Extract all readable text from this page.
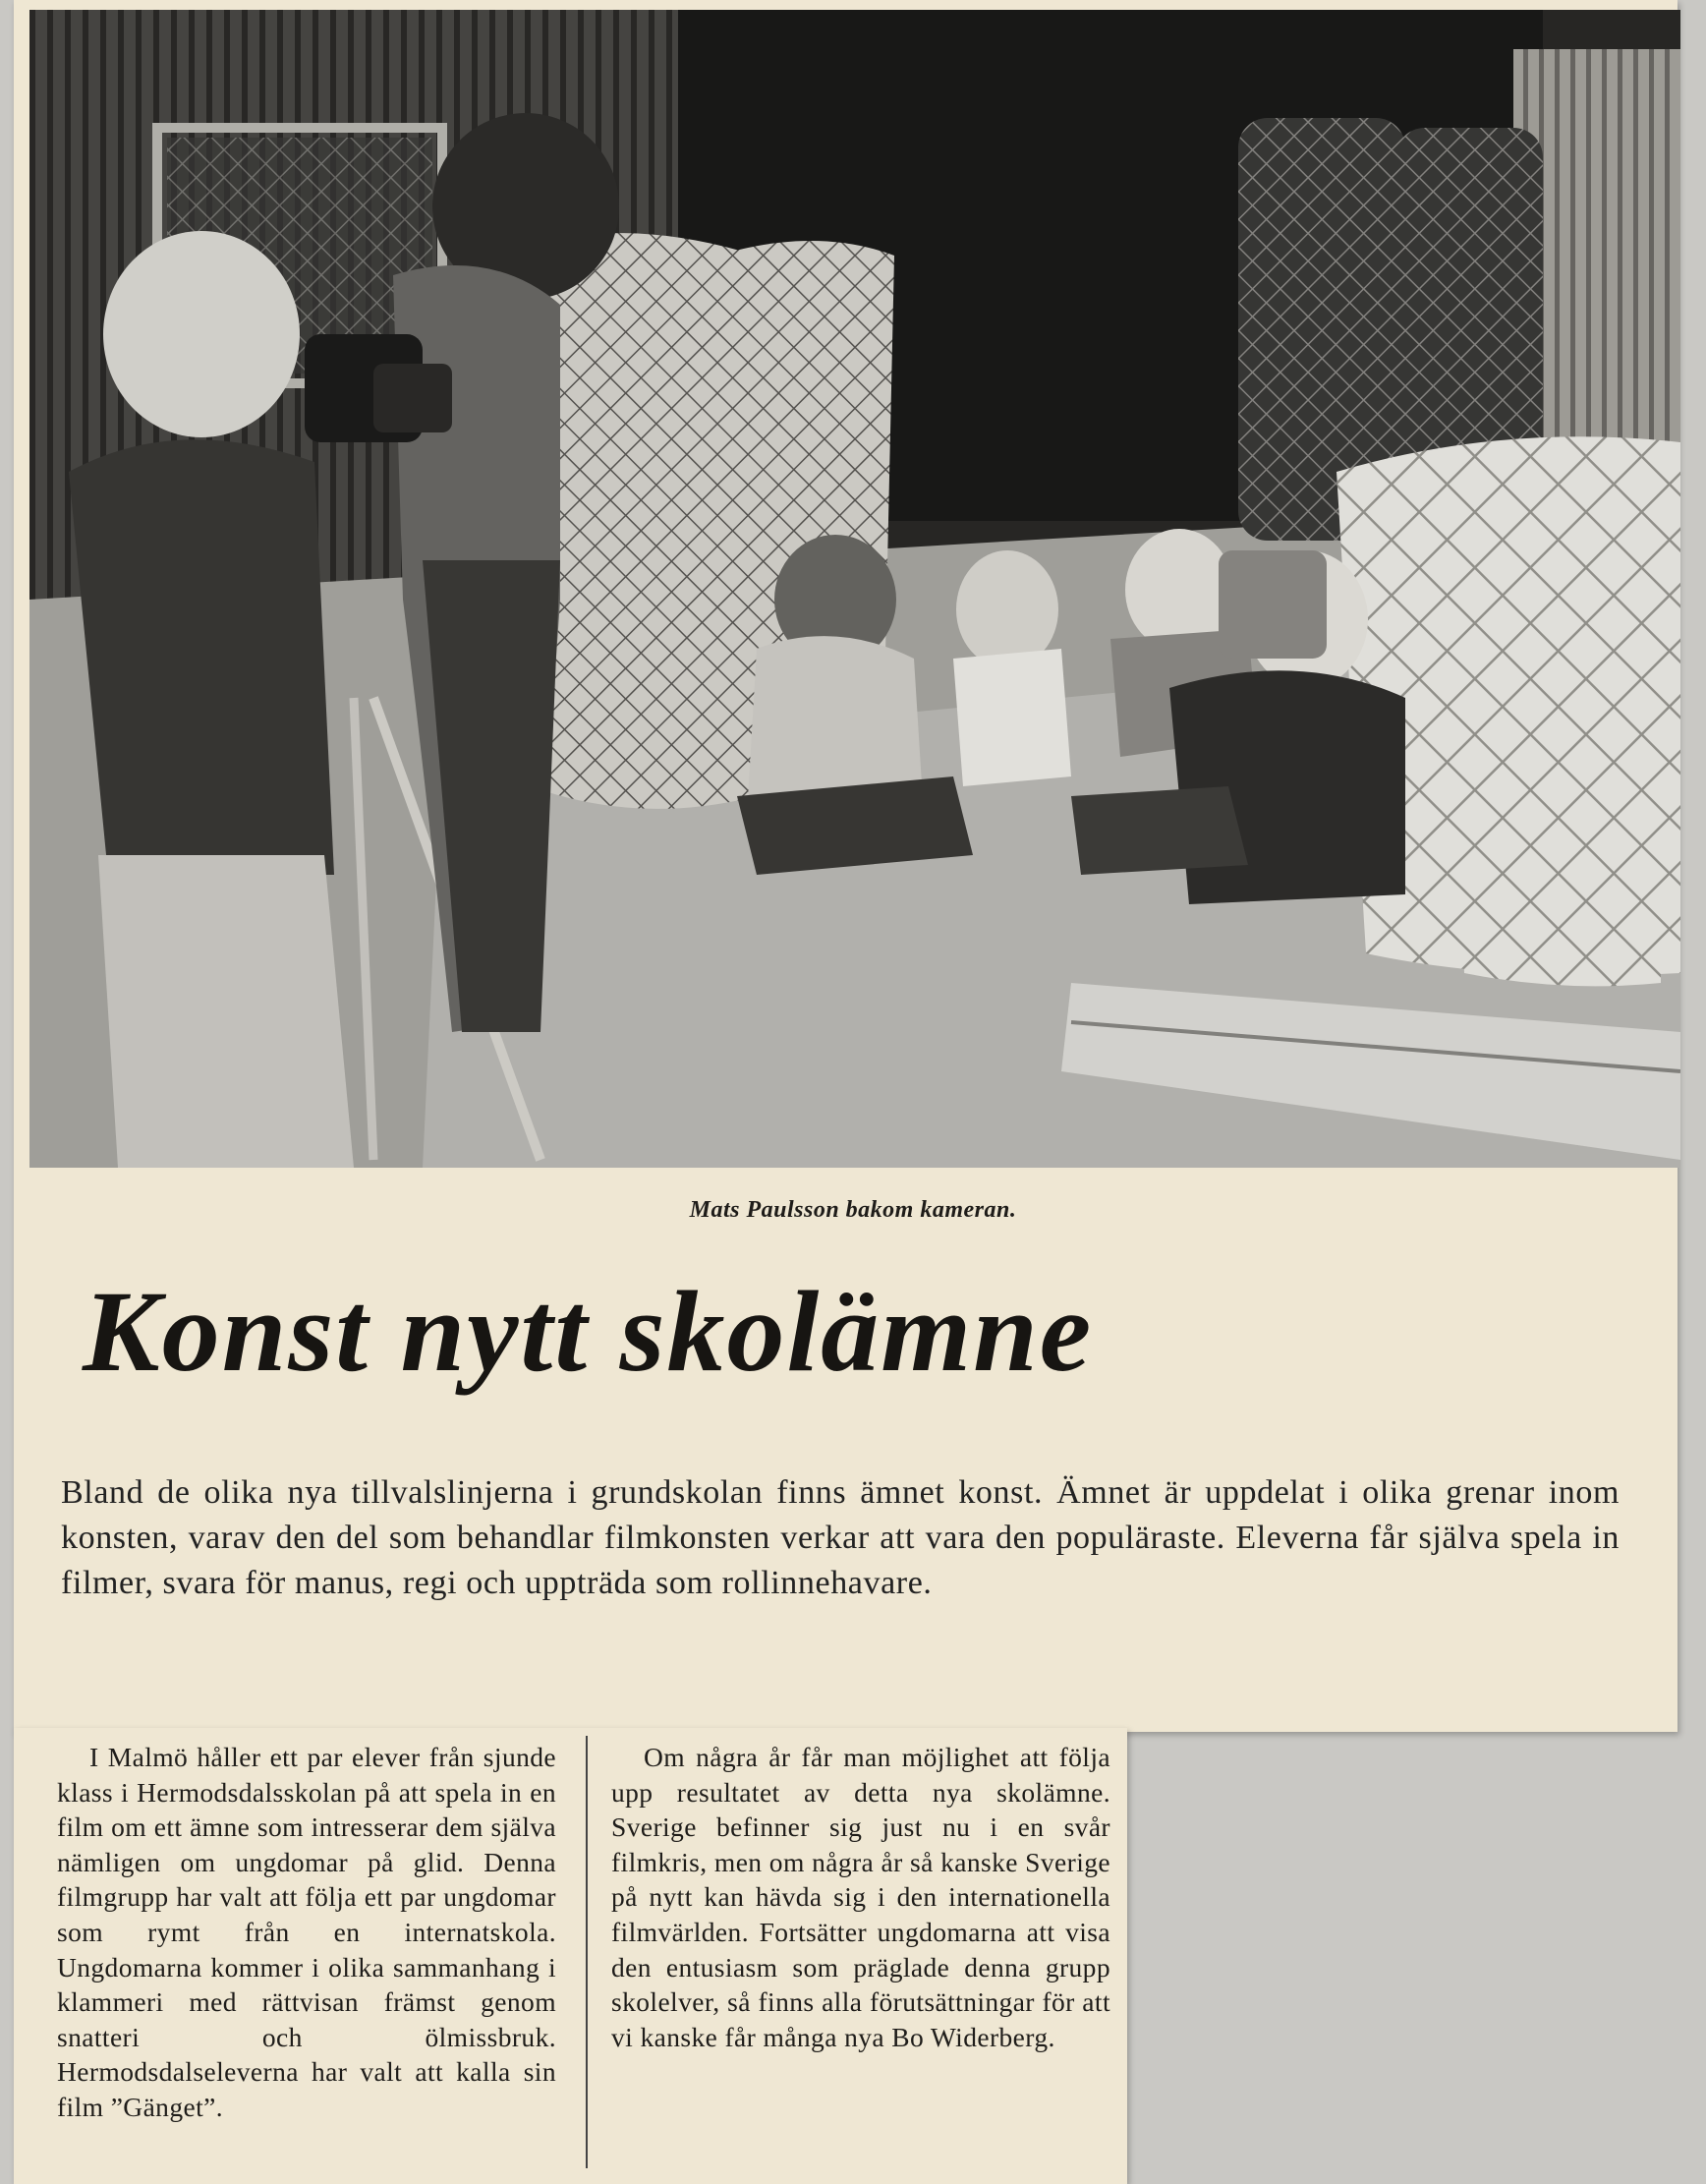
Mats Paulsson bakom kameran.
Konst nytt skolämne
Bland de olika nya tillvalslinjerna i grundskolan finns ämnet konst. Ämnet är uppdelat i olika grenar inom konsten, varav den del som behandlar filmkonsten verkar att vara den populäraste. Eleverna får själva spela in filmer, svara för manus, regi och uppträda som rollinnehavare.

I Malmö håller ett par elever från sjunde klass i Hermodsdalsskolan på att spela in en film om ett ämne som intresserar dem själva nämligen om ungdomar på glid. Denna filmgrupp har valt att följa ett par ungdomar som rymt från en internatskola. Ungdomarna kommer i olika sammanhang i klammeri med rättvisan främst genom snatteri och ölmissbruk. Hermodsdalseleverna har valt att kalla sin film ”Gänget”.

Om några år får man möjlighet att följa upp resultatet av detta nya skolämne. Sverige befinner sig just nu i en svår filmkris, men om några år så kanske Sverige på nytt kan hävda sig i den internationella filmvärlden. Fortsätter ungdomarna att visa den entusiasm som präglade denna grupp skolelver, så finns alla förutsättningar för att vi kanske får många nya Bo Widerberg.
